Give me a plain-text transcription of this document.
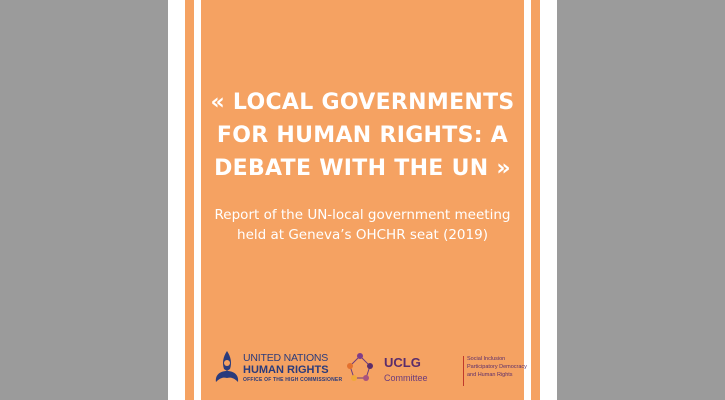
« LOCAL GOVERNMENTS FOR HUMAN RIGHTS: A DEBATE WITH THE UN »

Report of the UN-local government meeting held at Geneva’s OHCHR seat (2019)

UNITED NATIONS
HUMAN RIGHTS
OFFICE OF THE HIGH COMMISSIONER
UCLG
Committee
Social Inclusion Participatory Democracy and Human Rights
